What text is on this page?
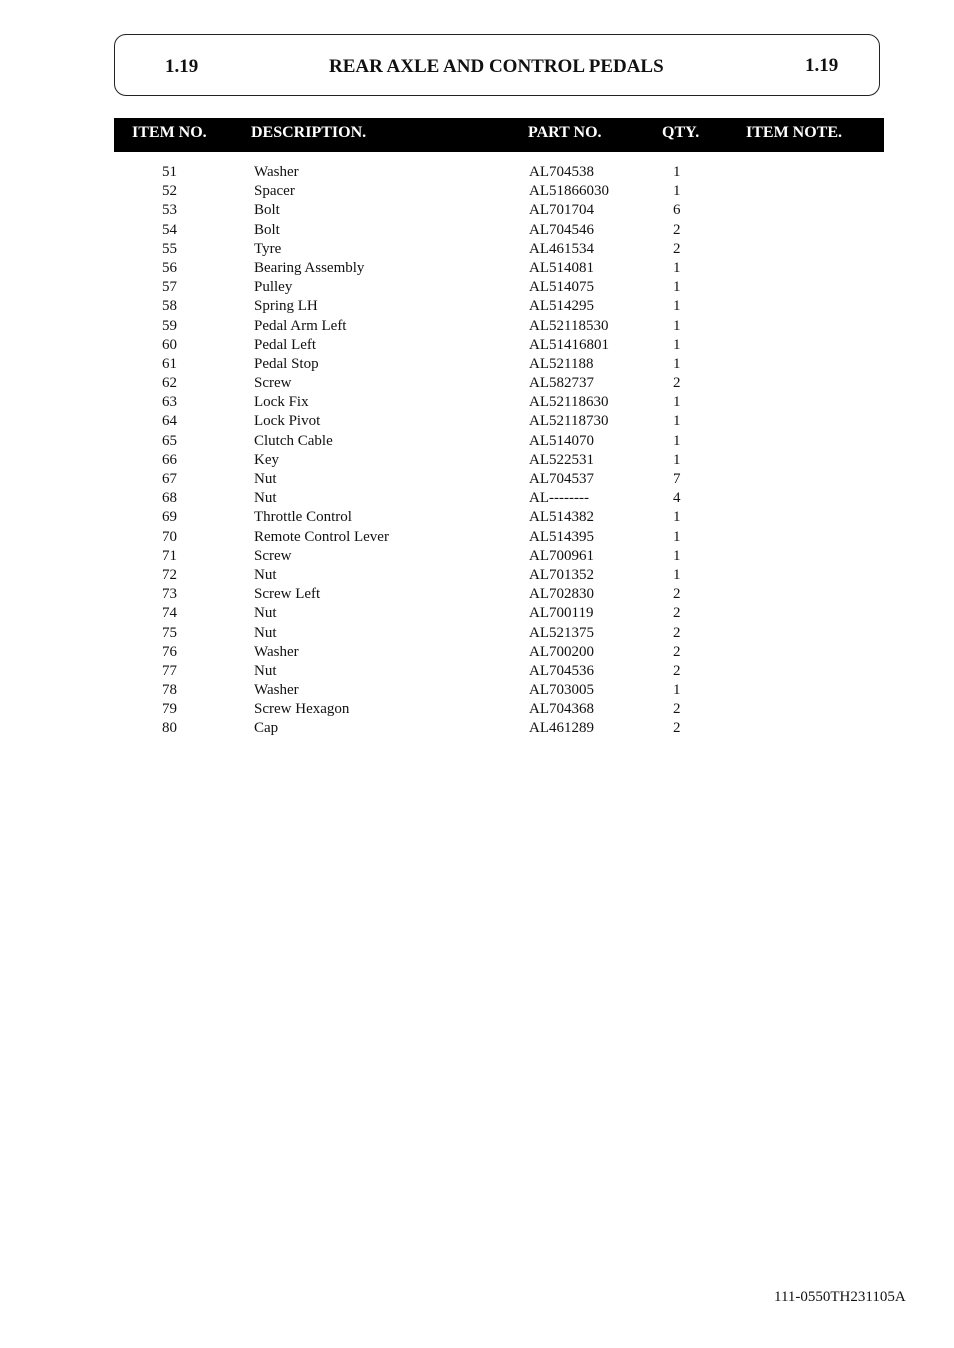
1.19	REAR AXLE AND CONTROL PEDALS	1.19
ITEM NO.	DESCRIPTION.	PART NO.	QTY.	ITEM NOTE.
51	Washer	AL704538	1
52	Spacer	AL51866030	1
53	Bolt	AL701704	6
54	Bolt	AL704546	2
55	Tyre	AL461534	2
56	Bearing Assembly	AL514081	1
57	Pulley	AL514075	1
58	Spring LH	AL514295	1
59	Pedal Arm Left	AL52118530	1
60	Pedal Left	AL51416801	1
61	Pedal Stop	AL521188	1
62	Screw	AL582737	2
63	Lock Fix	AL52118630	1
64	Lock Pivot	AL52118730	1
65	Clutch Cable	AL514070	1
66	Key	AL522531	1
67	Nut	AL704537	7
68	Nut	AL--------	4
69	Throttle Control	AL514382	1
70	Remote Control Lever	AL514395	1
71	Screw	AL700961	1
72	Nut	AL701352	1
73	Screw Left	AL702830	2
74	Nut	AL700119	2
75	Nut	AL521375	2
76	Washer	AL700200	2
77	Nut	AL704536	2
78	Washer	AL703005	1
79	Screw Hexagon	AL704368	2
80	Cap	AL461289	2
111-0550TH231105A
